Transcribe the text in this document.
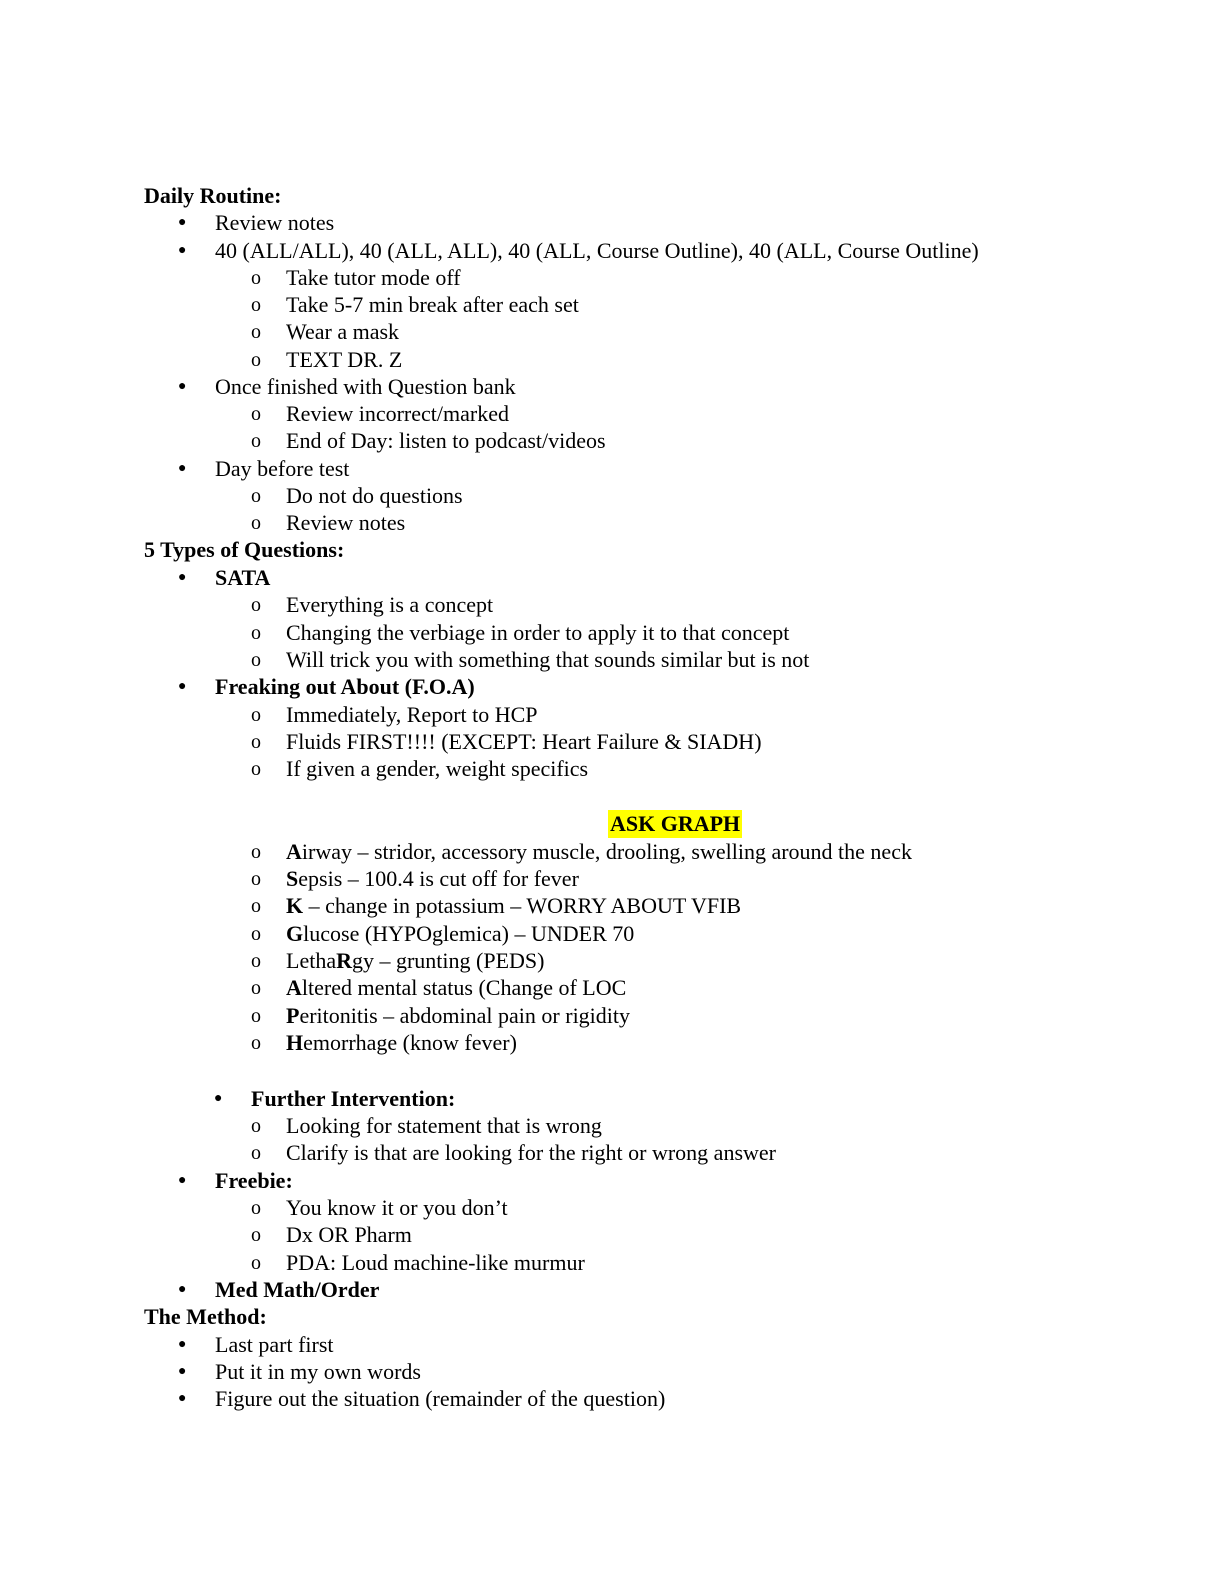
Daily Routine:
● Review notes
● 40 (ALL/ALL), 40 (ALL, ALL), 40 (ALL, Course Outline), 40 (ALL, Course Outline)
o Take tutor mode off
o Take 5-7 min break after each set
o Wear a mask
o TEXT DR. Z
● Once finished with Question bank
o Review incorrect/marked
o End of Day: listen to podcast/videos
● Day before test
o Do not do questions
o Review notes
5 Types of Questions:
● SATA
o Everything is a concept
o Changing the verbiage in order to apply it to that concept
o Will trick you with something that sounds similar but is not
● Freaking out About (F.O.A)
o Immediately, Report to HCP
o Fluids FIRST!!!! (EXCEPT: Heart Failure & SIADH)
o If given a gender, weight specifics
ASK GRAPH
o Airway – stridor, accessory muscle, drooling, swelling around the neck
o Sepsis – 100.4 is cut off for fever
o K – change in potassium – WORRY ABOUT VFIB
o Glucose (HYPOglemica) – UNDER 70
o LethaRgy – grunting (PEDS)
o Altered mental status (Change of LOC
o Peritonitis – abdominal pain or rigidity
o Hemorrhage (know fever)
● Further Intervention:
o Looking for statement that is wrong
o Clarify is that are looking for the right or wrong answer
● Freebie:
o You know it or you don’t
o Dx OR Pharm
o PDA: Loud machine-like murmur
● Med Math/Order
The Method:
● Last part first
● Put it in my own words
● Figure out the situation (remainder of the question)
